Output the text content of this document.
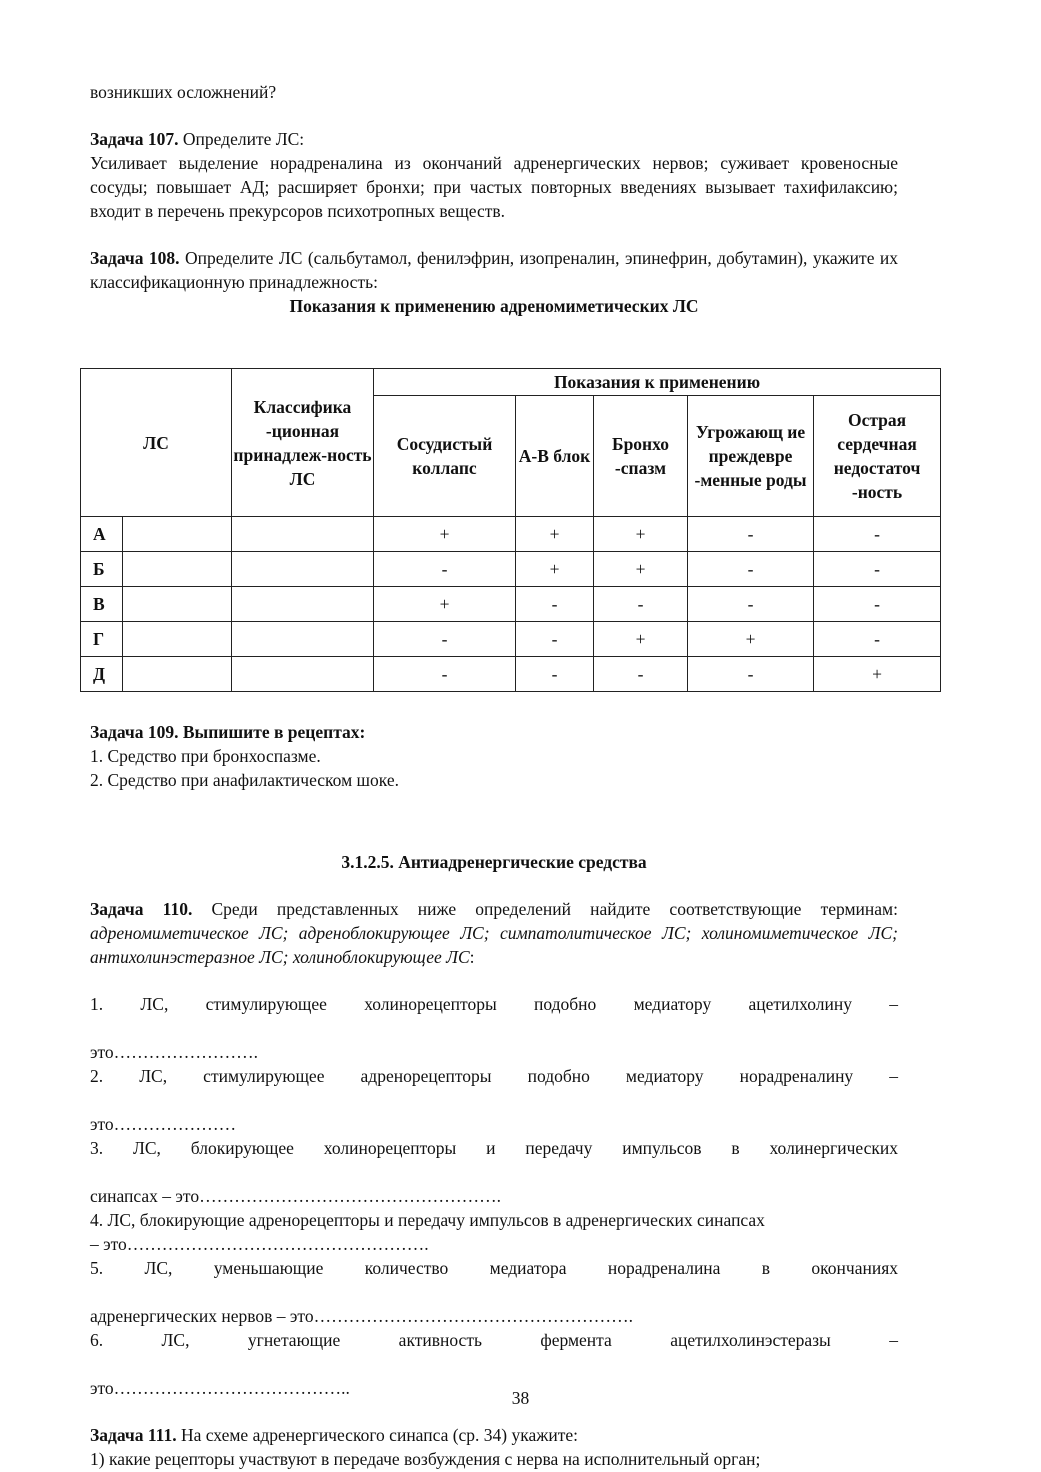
возникших осложнений?

Задача 107. Определите ЛС:

Усиливает выделение норадреналина из окончаний адренергических нервов; суживает кровеносные сосуды; повышает АД; расширяет бронхи; при частых повторных введениях вызывает тахифилаксию; входит в перечень прекурсоров психотропных веществ.

Задача 108. Определите ЛС (сальбутамол, фенилэфрин, изопреналин, эпинефрин, добутамин), укажите их классификационную принадлежность:

Показания к применению адреномиметических ЛС

ЛС		Классифика -ционная принадлеж-ность ЛС	Показания к применению				
			Сосудистый коллапс	А-В блок	Бронхо -спазм	Угрожающ ие преждевре -менные роды	Острая сердечная недостаточ -ность
А			+	+	+	-	-
Б			-	+	+	-	-
В			+	-	-	-	-
Г			-	-	+	+	-
Д			-	-	-	-	+

Задача 109. Выпишите в рецептах:

1. Средство при бронхоспазме.

2. Средство при анафилактическом шоке.

3.1.2.5. Антиадренергические средства

Задача 110. Среди представленных ниже определений найдите соответствующие терминам: адреномиметическое ЛС; адреноблокирующее ЛС; симпатолитическое ЛС; холиномиметическое ЛС; антихолинэстеразное ЛС; холиноблокирующее ЛС:

1. ЛС, стимулирующее холинорецепторы подобно медиатору ацетилхолину –

это…………………….

2. ЛС, стимулирующее адренорецепторы подобно медиатору норадреналину –

это…………………

3. ЛС, блокирующее холинорецепторы и передачу импульсов в холинергических

синапсах – это…………………………………………….

4. ЛС, блокирующие адренорецепторы и передачу импульсов в адренергических синапсах
– это…………………………………………….

5. ЛС, уменьшающие количество медиатора норадреналина в окончаниях

адренергических нервов – это……………………………………………….

6. ЛС, угнетающие активность фермента ацетилхолинэстеразы –

это…………………………………..

Задача 111. На схеме адренергического синапса (ср. 34) укажите:

1) какие рецепторы участвуют в передаче возбуждения с нерва на исполнительный орган;

38
